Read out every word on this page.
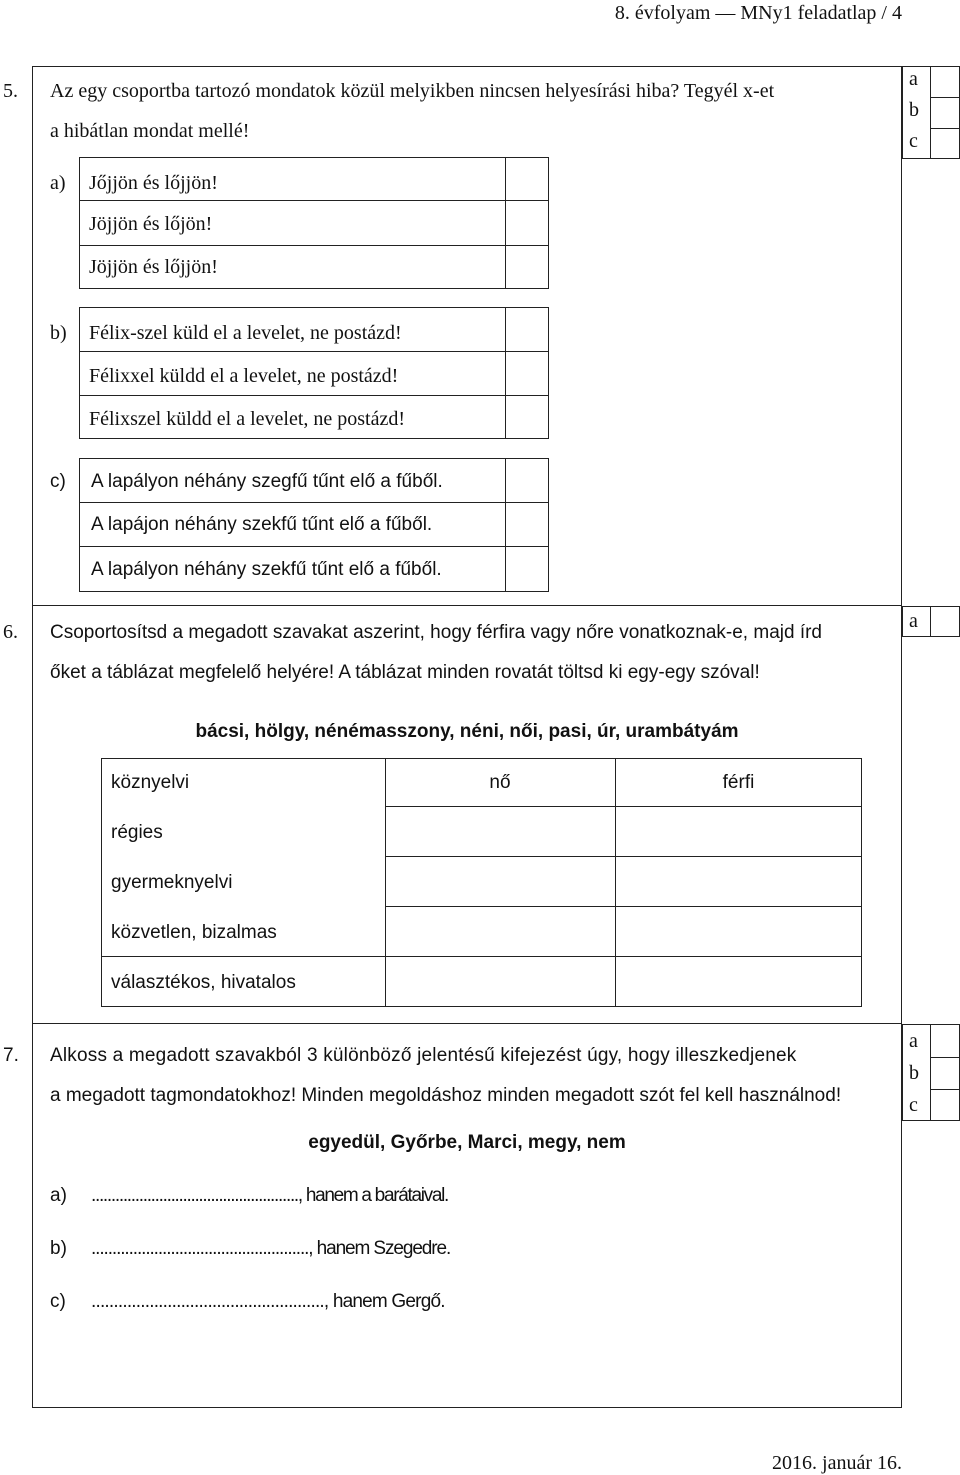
8. évfolyam — MNy1 feladatlap / 4
5. Az egy csoportba tartozó mondatok közül melyikben nincsen helyesírási hiba? Tegyél x-et
a hibátlan mondat mellé!
a
b
c
a) Jőjjön és lőjjön!
Jöjjön és lőjön!
Jöjjön és lőjjön!
b) Félix-szel küld el a levelet, ne postázd!
Félixxel küldd el a levelet, ne postázd!
Félixszel küldd el a levelet, ne postázd!
c) A lapályon néhány szegfű tűnt elő a fűből.
A lapájon néhány szekfű tűnt elő a fűből.
A lapályon néhány szekfű tűnt elő a fűből.
6. Csoportosítsd a megadott szavakat aszerint, hogy férfira vagy nőre vonatkoznak-e, majd írd
őket a táblázat megfelelő helyére! A táblázat minden rovatát töltsd ki egy-egy szóval!
a
bácsi, hölgy, nénémasszony, néni, női, pasi, úr, urambátyám
köznyelvi	nő	férfi
régies
gyermeknyelvi
közvetlen, bizalmas
választékos, hivatalos
7. Alkoss a megadott szavakból 3 különböző jelentésű kifejezést úgy, hogy illeszkedjenek
a megadott tagmondatokhoz! Minden megoldáshoz minden megadott szót fel kell használnod!
a
b
c
egyedül, Győrbe, Marci, megy, nem
a) ...................................................., hanem a barátaival.
b) ...................................................., hanem Szegedre.
c) ...................................................., hanem Gergő.
2016. január 16.
